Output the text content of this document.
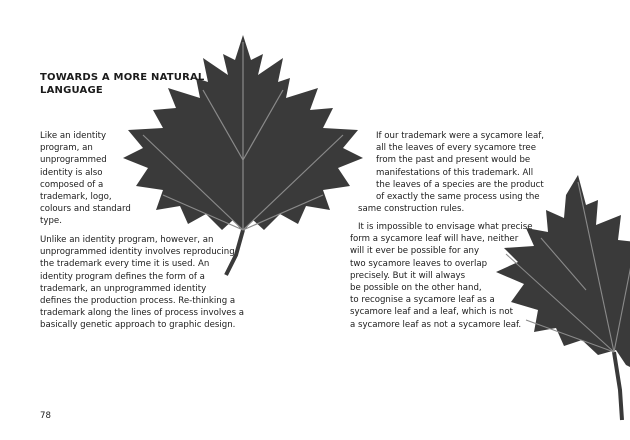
TOWARDS A MORE NATURAL
LANGUAGE
Like an identity
program, an
unprogrammed
identity is also
composed of a
trademark, logo,
colours and standard
type.
Unlike an identity program, however, an
unprogrammed identity involves reproducing
the trademark every time it is used. An
identity program defines the form of a
trademark, an unprogrammed identity
defines the production process. Re-thinking a
trademark along the lines of process involves a
basically genetic approach to graphic design.
If our trademark were a sycamore leaf,
all the leaves of every sycamore tree
from the past and present would be
manifestations of this trademark. All
the leaves of a species are the product
of exactly the same process using the
same construction rules.
It is impossible to envisage what precise
form a sycamore leaf will have, neither
will it ever be possible for any
two sycamore leaves to overlap
precisely. But it will always
be possible on the other hand,
to recognise a sycamore leaf as a
sycamore leaf and a leaf, which is not
a sycamore leaf as not a sycamore leaf.
78
